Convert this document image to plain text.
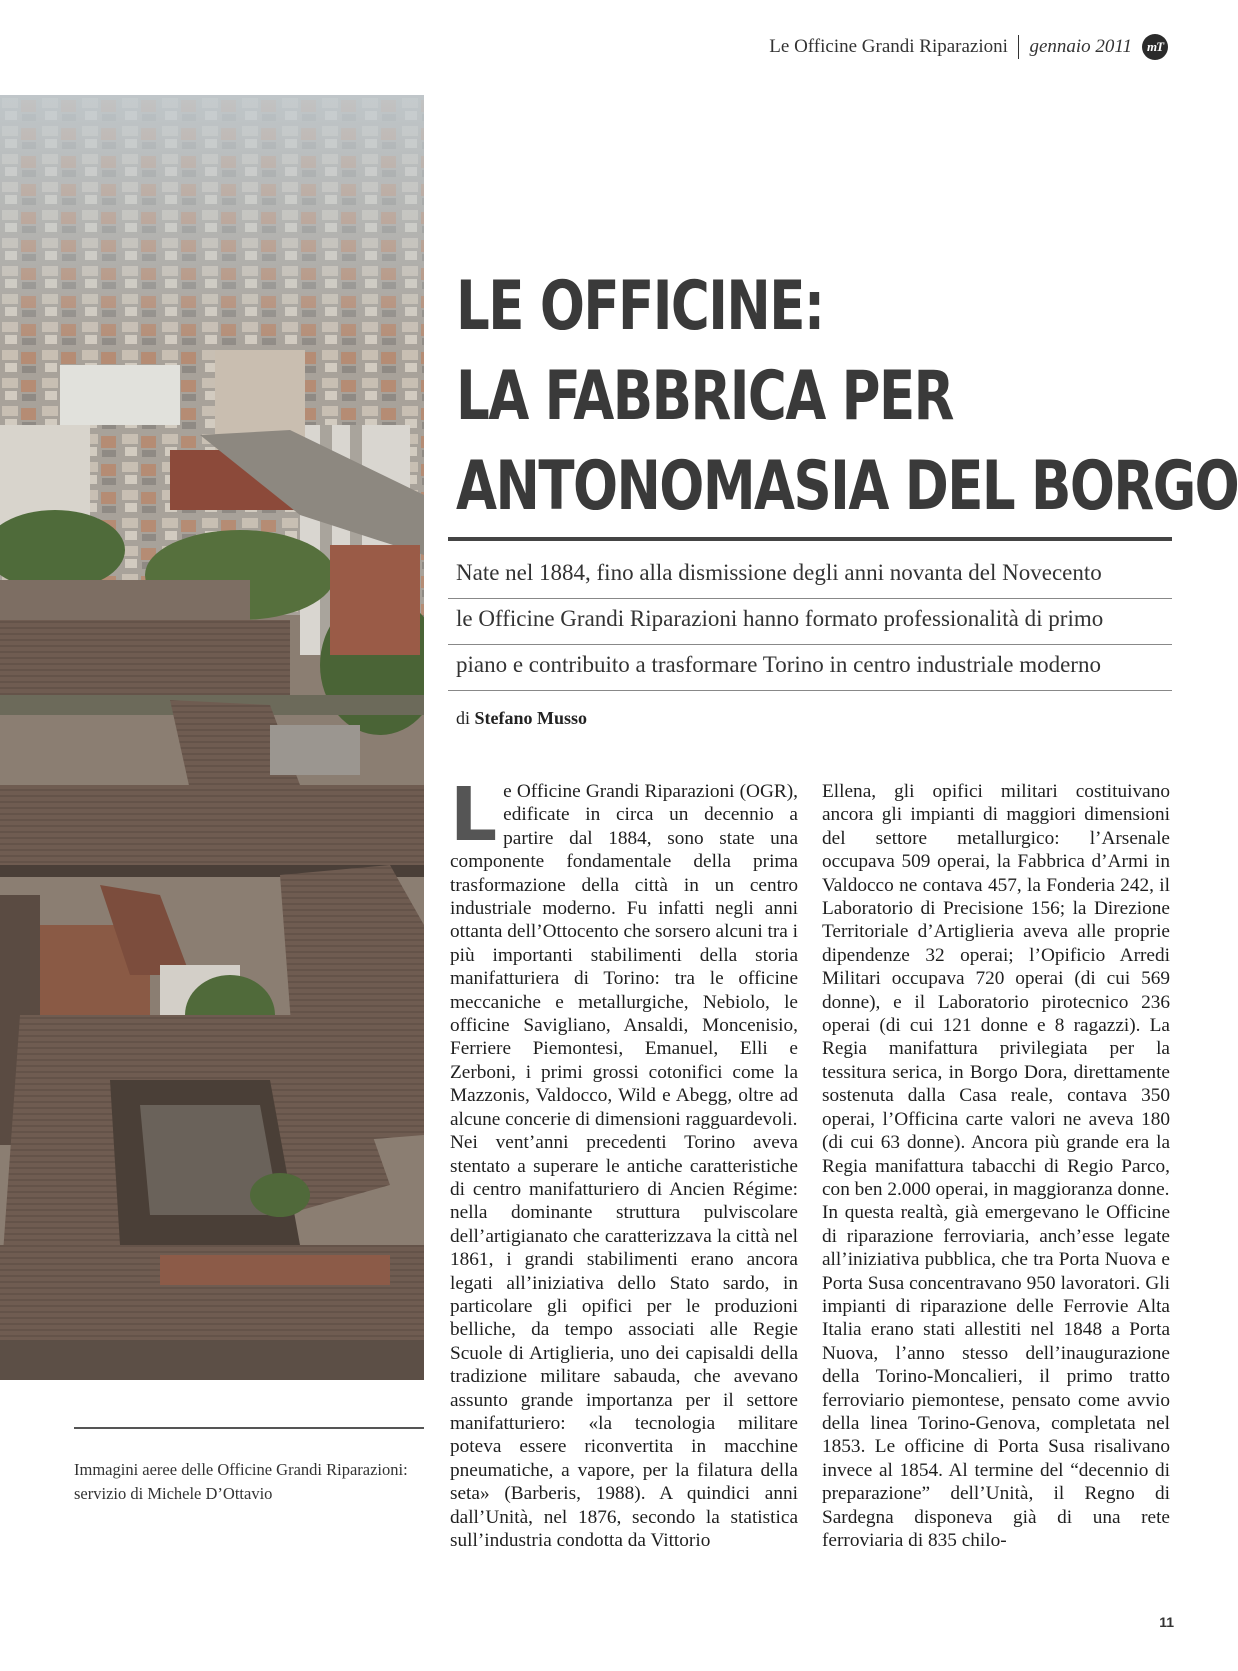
Le Officine Grandi Riparazioni gennaio 2011	mT
LE OFFICINE:
LA FABBRICA PER
ANTONOMASIA DEL BORGO
Nate nel 1884, fino alla dismissione degli anni novanta del Novecento
le Officine Grandi Riparazioni hanno formato professionalità di primo
piano e contribuito a trasformare Torino in centro industriale moderno
di Stefano Musso

Le Officine Grandi Riparazioni (OGR), edificate in circa un decennio a partire dal 1884, sono state una componente fondamentale della prima trasformazione della città in un centro industriale moderno. Fu infatti negli anni ottanta dell’Ottocento che sorsero alcuni tra i più importanti stabilimenti della storia manifatturiera di Torino: tra le officine meccaniche e metallurgiche, Nebiolo, le officine Savigliano, Ansaldi, Moncenisio, Ferriere Piemontesi, Emanuel, Elli e Zerboni, i primi grossi cotonifici come la Mazzonis, Valdocco, Wild e Abegg, oltre ad alcune concerie di dimensioni ragguardevoli.

Nei vent’anni precedenti Torino aveva stentato a superare le antiche caratteristiche di centro manifatturiero di Ancien Régime: nella dominante struttura pulviscolare dell’artigianato che caratterizzava la città nel 1861, i grandi stabilimenti erano ancora legati all’iniziativa dello Stato sardo, in particolare gli opifici per le produzioni belliche, da tempo associati alle Regie Scuole di Artiglieria, uno dei capisaldi della tradizione militare sabauda, che avevano assunto grande importanza per il settore manifatturiero: «la tecnologia militare poteva essere riconvertita in macchine pneumatiche, a vapore, per la filatura della seta» (Barberis, 1988). A quindici anni dall’Unità, nel 1876, secondo la statistica sull’industria condotta da Vittorio

Ellena, gli opifici militari costituivano ancora gli impianti di maggiori dimensioni del settore metallurgico: l’Arsenale occupava 509 operai, la Fabbrica d’Armi in Valdocco ne contava 457, la Fonderia 242, il Laboratorio di Precisione 156; la Direzione Territoriale d’Artiglieria aveva alle proprie dipendenze 32 operai; l’Opificio Arredi Militari occupava 720 operai (di cui 569 donne), e il Laboratorio pirotecnico 236 operai (di cui 121 donne e 8 ragazzi). La Regia manifattura privilegiata per la tessitura serica, in Borgo Dora, direttamente sostenuta dalla Casa reale, contava 350 operai, l’Officina carte valori ne aveva 180 (di cui 63 donne). Ancora più grande era la Regia manifattura tabacchi di Regio Parco, con ben 2.000 operai, in maggioranza donne.

In questa realtà, già emergevano le Officine di riparazione ferroviaria, anch’esse legate all’iniziativa pubblica, che tra Porta Nuova e Porta Susa concentravano 950 lavoratori. Gli impianti di riparazione delle Ferrovie Alta Italia erano stati allestiti nel 1848 a Porta Nuova, l’anno stesso dell’inaugurazione della Torino-Moncalieri, il primo tratto ferroviario piemontese, pensato come avvio della linea Torino-Genova, completata nel 1853. Le officine di Porta Susa risalivano invece al 1854. Al termine del “decennio di preparazione” dell’Unità, il Regno di Sardegna disponeva già di una rete ferroviaria di 835 chilo-

Immagini aeree delle Officine Grandi Riparazioni:
servizio di Michele D’Ottavio
11
